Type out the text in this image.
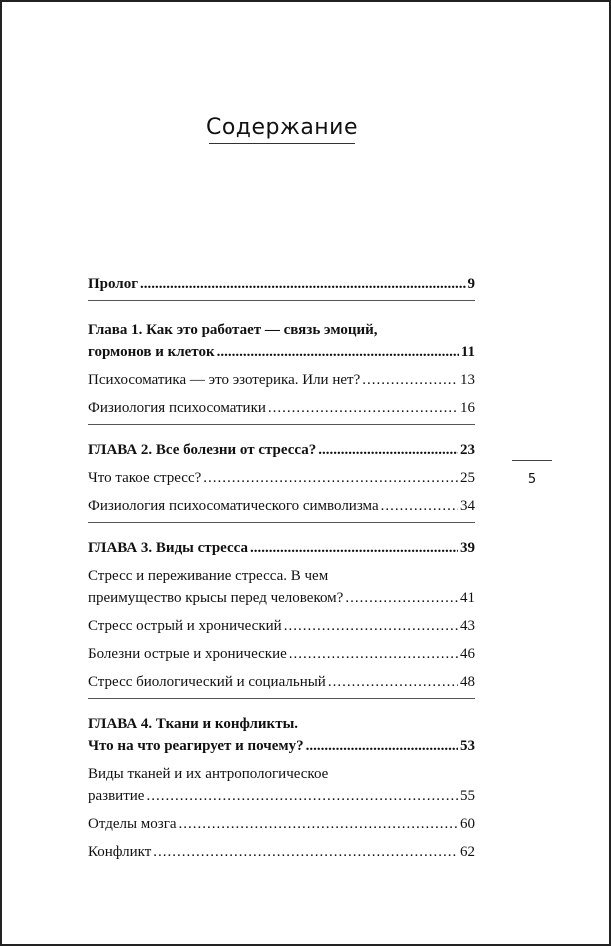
Содержание
Пролог .....	9
Глава 1. Как это работает — связь эмоций,
гормонов и клеток .....	11
Психосоматика — это эзотерика. Или нет? .....	13
Физиология психосоматики .....	16
ГЛАВА 2. Все болезни от стресса? .....	23
Что такое стресс? .....	25
Физиология психосоматического символизма .....	34
ГЛАВА 3. Виды стресса .....	39
Стресс и переживание стресса. В чем
преимущество крысы перед человеком? .....	41
Стресс острый и хронический .....	43
Болезни острые и хронические .....	46
Стресс биологический и социальный .....	48
ГЛАВА 4. Ткани и конфликты.
Что на что реагирует и почему? .....	53
Виды тканей и их антропологическое
развитие .....	55
Отделы мозга .....	60
Конфликт .....	62
5
